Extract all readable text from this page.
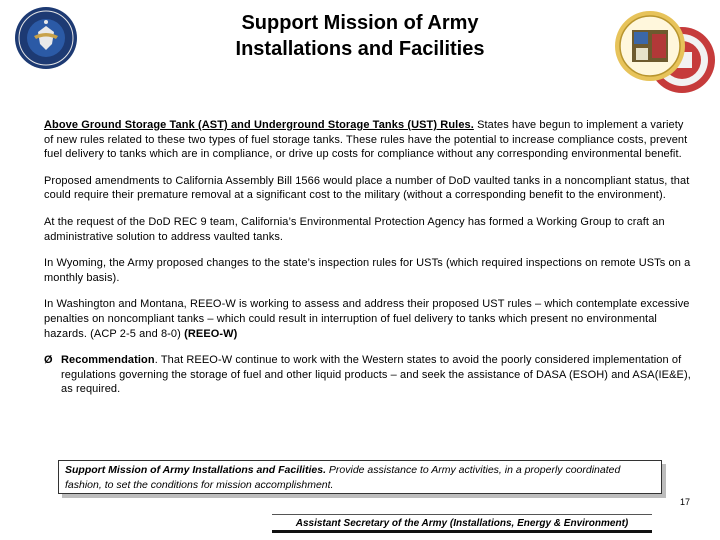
Support Mission of Army
Installations and Facilities

Above Ground Storage Tank (AST) and Underground Storage Tanks (UST) Rules. States have begun to implement a variety of new rules related to these two types of fuel storage tanks. These rules have the potential to increase compliance costs, prevent fuel delivery to tanks which are in compliance, or drive up costs for compliance without any corresponding environmental benefit.

Proposed amendments to California Assembly Bill 1566 would place a number of DoD vaulted tanks in a noncompliant status, that could require their premature removal at a significant cost to the military (without a corresponding benefit to the environment).

At the request of the DoD REC 9 team, California’s Environmental Protection Agency has formed a Working Group to craft an administrative solution to address vaulted tanks.

In Wyoming, the Army proposed changes to the state’s inspection rules for USTs (which required inspections on remote USTs on a monthly basis).

In Washington and Montana, REEO-W is working to assess and address their proposed UST rules – which contemplate excessive penalties on noncompliant tanks – which could result in interruption of fuel delivery to tanks which present no environmental hazards. (ACP 2-5 and 8-0) (REEO-W)

Ø Recommendation. That REEO-W continue to work with the Western states to avoid the poorly considered implementation of regulations governing the storage of fuel and other liquid products – and seek the assistance of DASA (ESOH) and ASA(IE&E), as required.
Support Mission of Army Installations and Facilities. Provide assistance to Army activities, in a properly coordinated fashion, to set the conditions for mission accomplishment.
17
Assistant Secretary of the Army (Installations, Energy & Environment)
